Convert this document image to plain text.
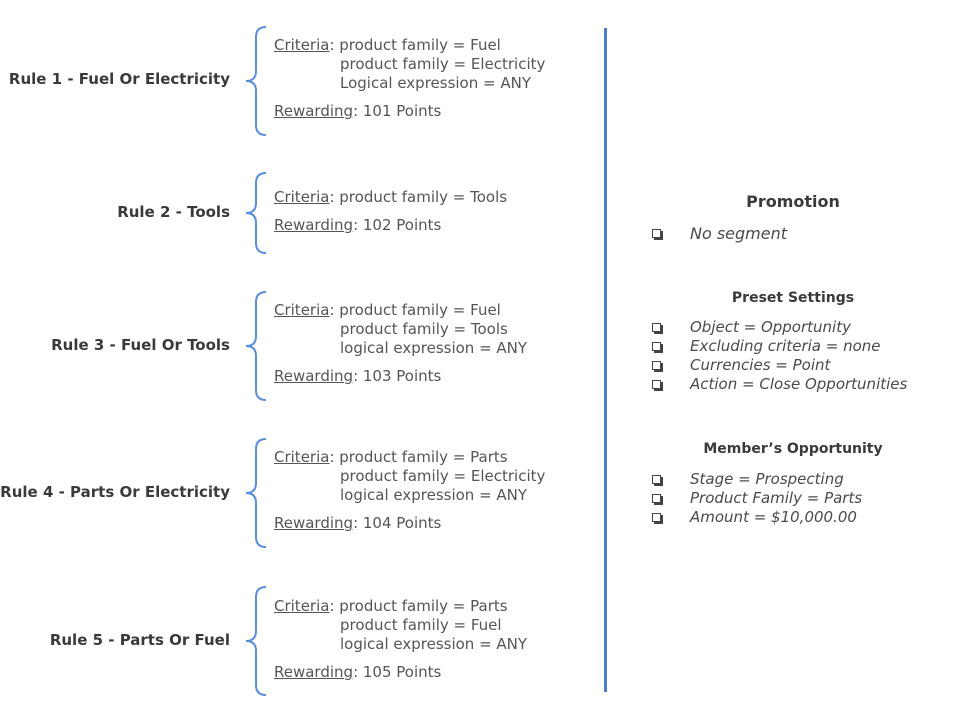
Rule 1 - Fuel Or Electricity
Criteria: product family = Fuel
product family = Electricity
Logical expression = ANY
Rewarding: 101 Points
Rule 2 - Tools
Criteria: product family = Tools
Rewarding: 102 Points
Rule 3 - Fuel Or Tools
Criteria: product family = Fuel
product family = Tools
logical expression = ANY
Rewarding: 103 Points
Rule 4 - Parts Or Electricity
Criteria: product family = Parts
product family = Electricity
logical expression = ANY
Rewarding: 104 Points
Rule 5 - Parts Or Fuel
Criteria: product family = Parts
product family = Fuel
logical expression = ANY
Rewarding: 105 Points
Promotion
No segment
Preset Settings
Object = Opportunity
Excluding criteria = none
Currencies = Point
Action = Close Opportunities
Member’s Opportunity
Stage = Prospecting
Product Family = Parts
Amount = $10,000.00
